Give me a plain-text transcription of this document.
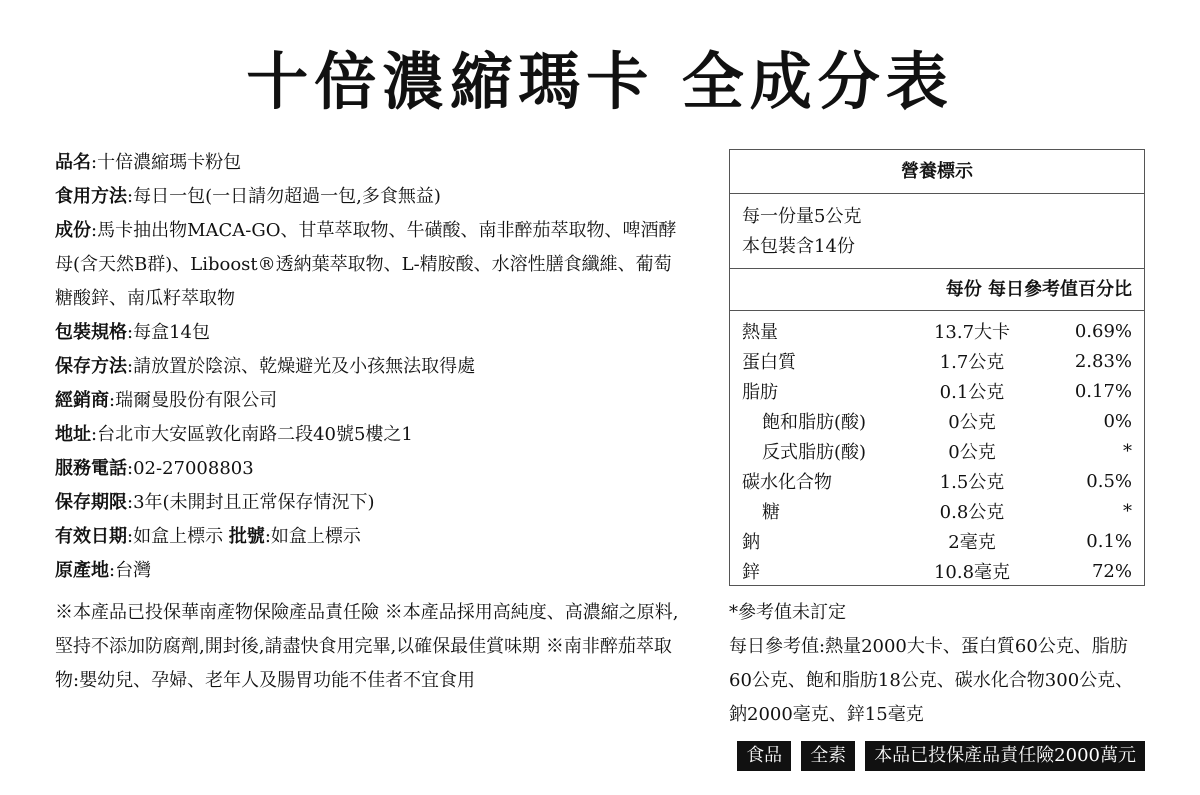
十倍濃縮瑪卡 全成分表
品名:十倍濃縮瑪卡粉包
食用方法:每日一包(一日請勿超過一包,多食無益)
成份:馬卡抽出物MACA-GO、甘草萃取物、牛磺酸、南非醉茄萃取物、啤酒酵母(含天然B群)、Liboost®透納葉萃取物、L-精胺酸、水溶性膳食纖維、葡萄糖酸鋅、南瓜籽萃取物
包裝規格:每盒14包
保存方法:請放置於陰涼、乾燥避光及小孩無法取得處
經銷商:瑞爾曼股份有限公司
地址:台北市大安區敦化南路二段40號5樓之1
服務電話:02-27008803
保存期限:3年(未開封且正常保存情況下)
有效日期:如盒上標示 批號:如盒上標示
原產地:台灣
※本產品已投保華南產物保險產品責任險 ※本產品採用高純度、高濃縮之原料,堅持不添加防腐劑,開封後,請盡快食用完畢,以確保最佳賞味期 ※南非醉茄萃取物:嬰幼兒、孕婦、老年人及腸胃功能不佳者不宜食用
營養標示
每一份量5公克
本包裝含14份
每份 每日參考值百分比
熱量	13.7大卡	0.69%
蛋白質	1.7公克	2.83%
脂肪	0.1公克	0.17%
飽和脂肪(酸)	0公克	0%
反式脂肪(酸)	0公克	*
碳水化合物	1.5公克	0.5%
糖	0.8公克	*
鈉	2毫克	0.1%
鋅	10.8毫克	72%
*參考值未訂定
每日參考值:熱量2000大卡、蛋白質60公克、脂肪60公克、飽和脂肪18公克、碳水化合物300公克、鈉2000毫克、鋅15毫克
食品	全素	本品已投保產品責任險2000萬元
